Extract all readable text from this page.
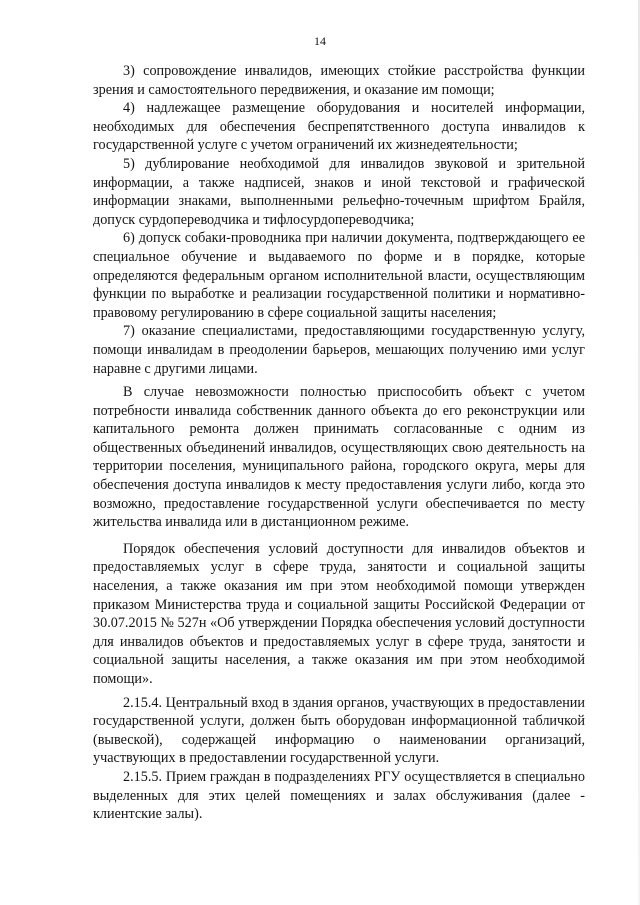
14

3) сопровождение инвалидов, имеющих стойкие расстройства функции зрения и самостоятельного передвижения, и оказание им помощи;

4) надлежащее размещение оборудования и носителей информации, необходимых для обеспечения беспрепятственного доступа инвалидов к государственной услуге с учетом ограничений их жизнедеятельности;

5) дублирование необходимой для инвалидов звуковой и зрительной информации, а также надписей, знаков и иной текстовой и графической информации знаками, выполненными рельефно-точечным шрифтом Брайля, допуск сурдопереводчика и тифлосурдопереводчика;

6) допуск собаки-проводника при наличии документа, подтверждающего ее специальное обучение и выдаваемого по форме и в порядке, которые определяются федеральным органом исполнительной власти, осуществляющим функции по выработке и реализации государственной политики и нормативно-правовому регулированию в сфере социальной защиты населения;

7) оказание специалистами, предоставляющими государственную услугу, помощи инвалидам в преодолении барьеров, мешающих получению ими услуг наравне с другими лицами.

В случае невозможности полностью приспособить объект с учетом потребности инвалида собственник данного объекта до его реконструкции или капитального ремонта должен принимать согласованные с одним из общественных объединений инвалидов, осуществляющих свою деятельность на территории поселения, муниципального района, городского округа, меры для обеспечения доступа инвалидов к месту предоставления услуги либо, когда это возможно, предоставление государственной услуги обеспечивается по месту жительства инвалида или в дистанционном режиме.

Порядок обеспечения условий доступности для инвалидов объектов и предоставляемых услуг в сфере труда, занятости и социальной защиты населения, а также оказания им при этом необходимой помощи утвержден приказом Министерства труда и социальной защиты Российской Федерации от 30.07.2015 № 527н «Об утверждении Порядка обеспечения условий доступности для инвалидов объектов и предоставляемых услуг в сфере труда, занятости и социальной защиты населения, а также оказания им при этом необходимой помощи».

2.15.4. Центральный вход в здания органов, участвующих в предоставлении государственной услуги, должен быть оборудован информационной табличкой (вывеской), содержащей информацию о наименовании организаций, участвующих в предоставлении государственной услуги.

2.15.5. Прием граждан в подразделениях РГУ осуществляется в специально выделенных для этих целей помещениях и залах обслуживания (далее - клиентские залы).
